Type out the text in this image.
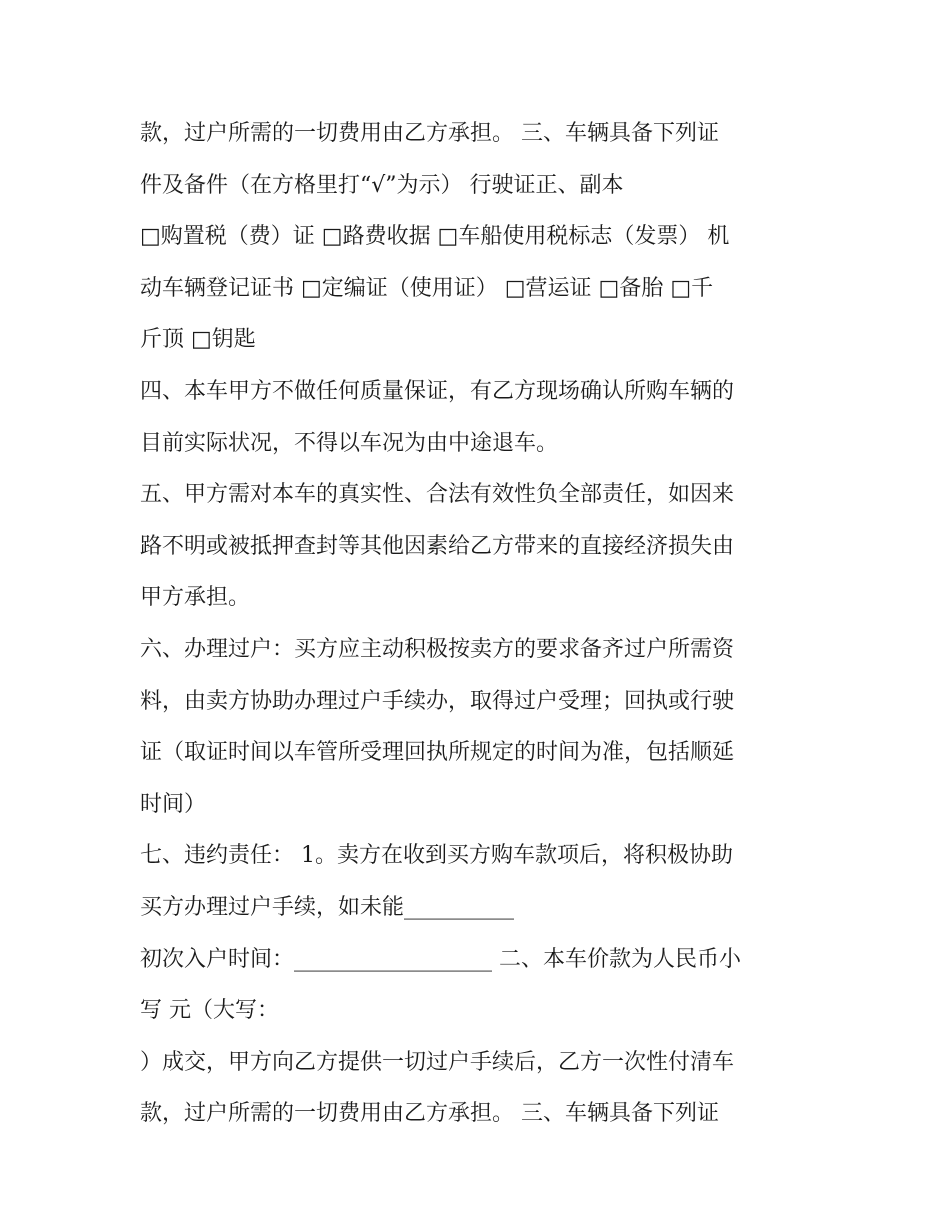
款，过户所需的一切费用由乙方承担。 三、车辆具备下列证
件及备件（在方格里打“√”为示） 行驶证正、副本
□购置税（费）证 □路费收据 □车船使用税标志（发票） 机
动车辆登记证书 □定编证（使用证） □营运证 □备胎 □千
斤顶 □钥匙
四、本车甲方不做任何质量保证，有乙方现场确认所购车辆的
目前实际状况，不得以车况为由中途退车。
五、甲方需对本车的真实性、合法有效性负全部责任，如因来
路不明或被抵押查封等其他因素给乙方带来的直接经济损失由
甲方承担。
六、办理过户：买方应主动积极按卖方的要求备齐过户所需资
料，由卖方协助办理过户手续办，取得过户受理；回执或行驶
证（取证时间以车管所受理回执所规定的时间为准，包括顺延
时间）
七、违约责任： 1。卖方在收到买方购车款项后，将积极协助
买方办理过户手续，如未能__________
初次入户时间：__________________ 二、本车价款为人民币小
写 元（大写：
）成交，甲方向乙方提供一切过户手续后，乙方一次性付清车
款，过户所需的一切费用由乙方承担。 三、车辆具备下列证
